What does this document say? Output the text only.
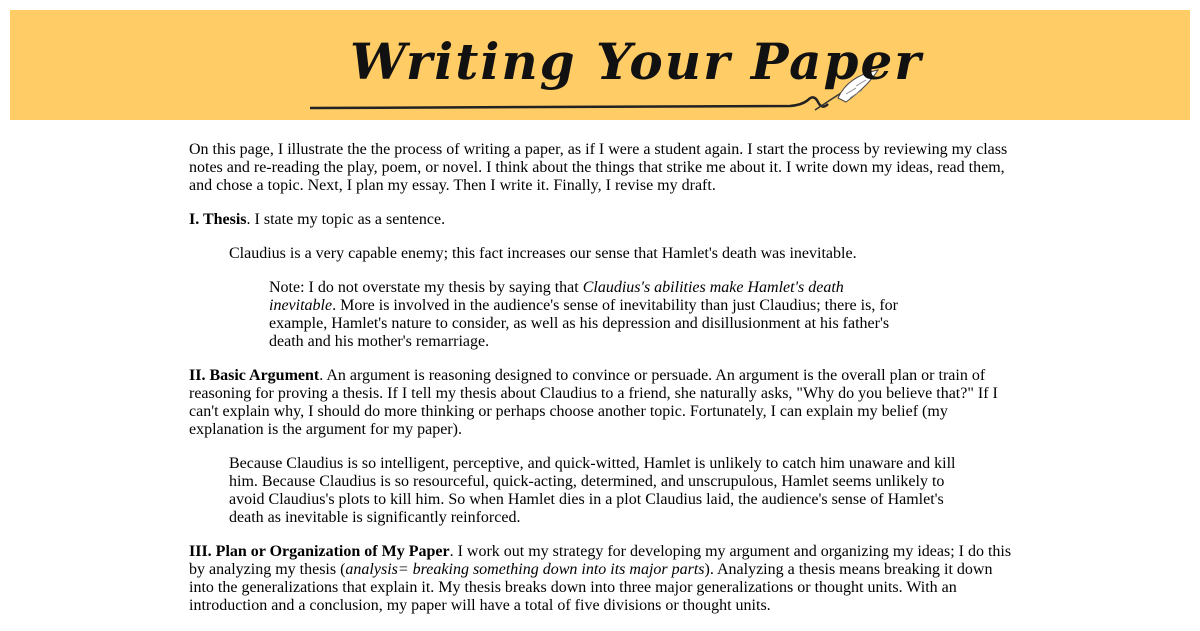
Writing Your Paper

On this page, I illustrate the the process of writing a paper, as if I were a student again. I start the process by reviewing my class notes and re-reading the play, poem, or novel. I think about the things that strike me about it. I write down my ideas, read them, and chose a topic. Next, I plan my essay. Then I write it. Finally, I revise my draft.

I. Thesis. I state my topic as a sentence.

Claudius is a very capable enemy; this fact increases our sense that Hamlet's death was inevitable.

Note: I do not overstate my thesis by saying that Claudius's abilities make Hamlet's death inevitable. More is involved in the audience's sense of inevitability than just Claudius; there is, for example, Hamlet's nature to consider, as well as his depression and disillusionment at his father's death and his mother's remarriage.

II. Basic Argument. An argument is reasoning designed to convince or persuade. An argument is the overall plan or train of reasoning for proving a thesis. If I tell my thesis about Claudius to a friend, she naturally asks, "Why do you believe that?" If I can't explain why, I should do more thinking or perhaps choose another topic. Fortunately, I can explain my belief (my explanation is the argument for my paper).

Because Claudius is so intelligent, perceptive, and quick-witted, Hamlet is unlikely to catch him unaware and kill him. Because Claudius is so resourceful, quick-acting, determined, and unscrupulous, Hamlet seems unlikely to avoid Claudius's plots to kill him. So when Hamlet dies in a plot Claudius laid, the audience's sense of Hamlet's death as inevitable is significantly reinforced.

III. Plan or Organization of My Paper. I work out my strategy for developing my argument and organizing my ideas; I do this by analyzing my thesis (analysis= breaking something down into its major parts). Analyzing a thesis means breaking it down into the generalizations that explain it. My thesis breaks down into three major generalizations or thought units. With an introduction and a conclusion, my paper will have a total of five divisions or thought units.
